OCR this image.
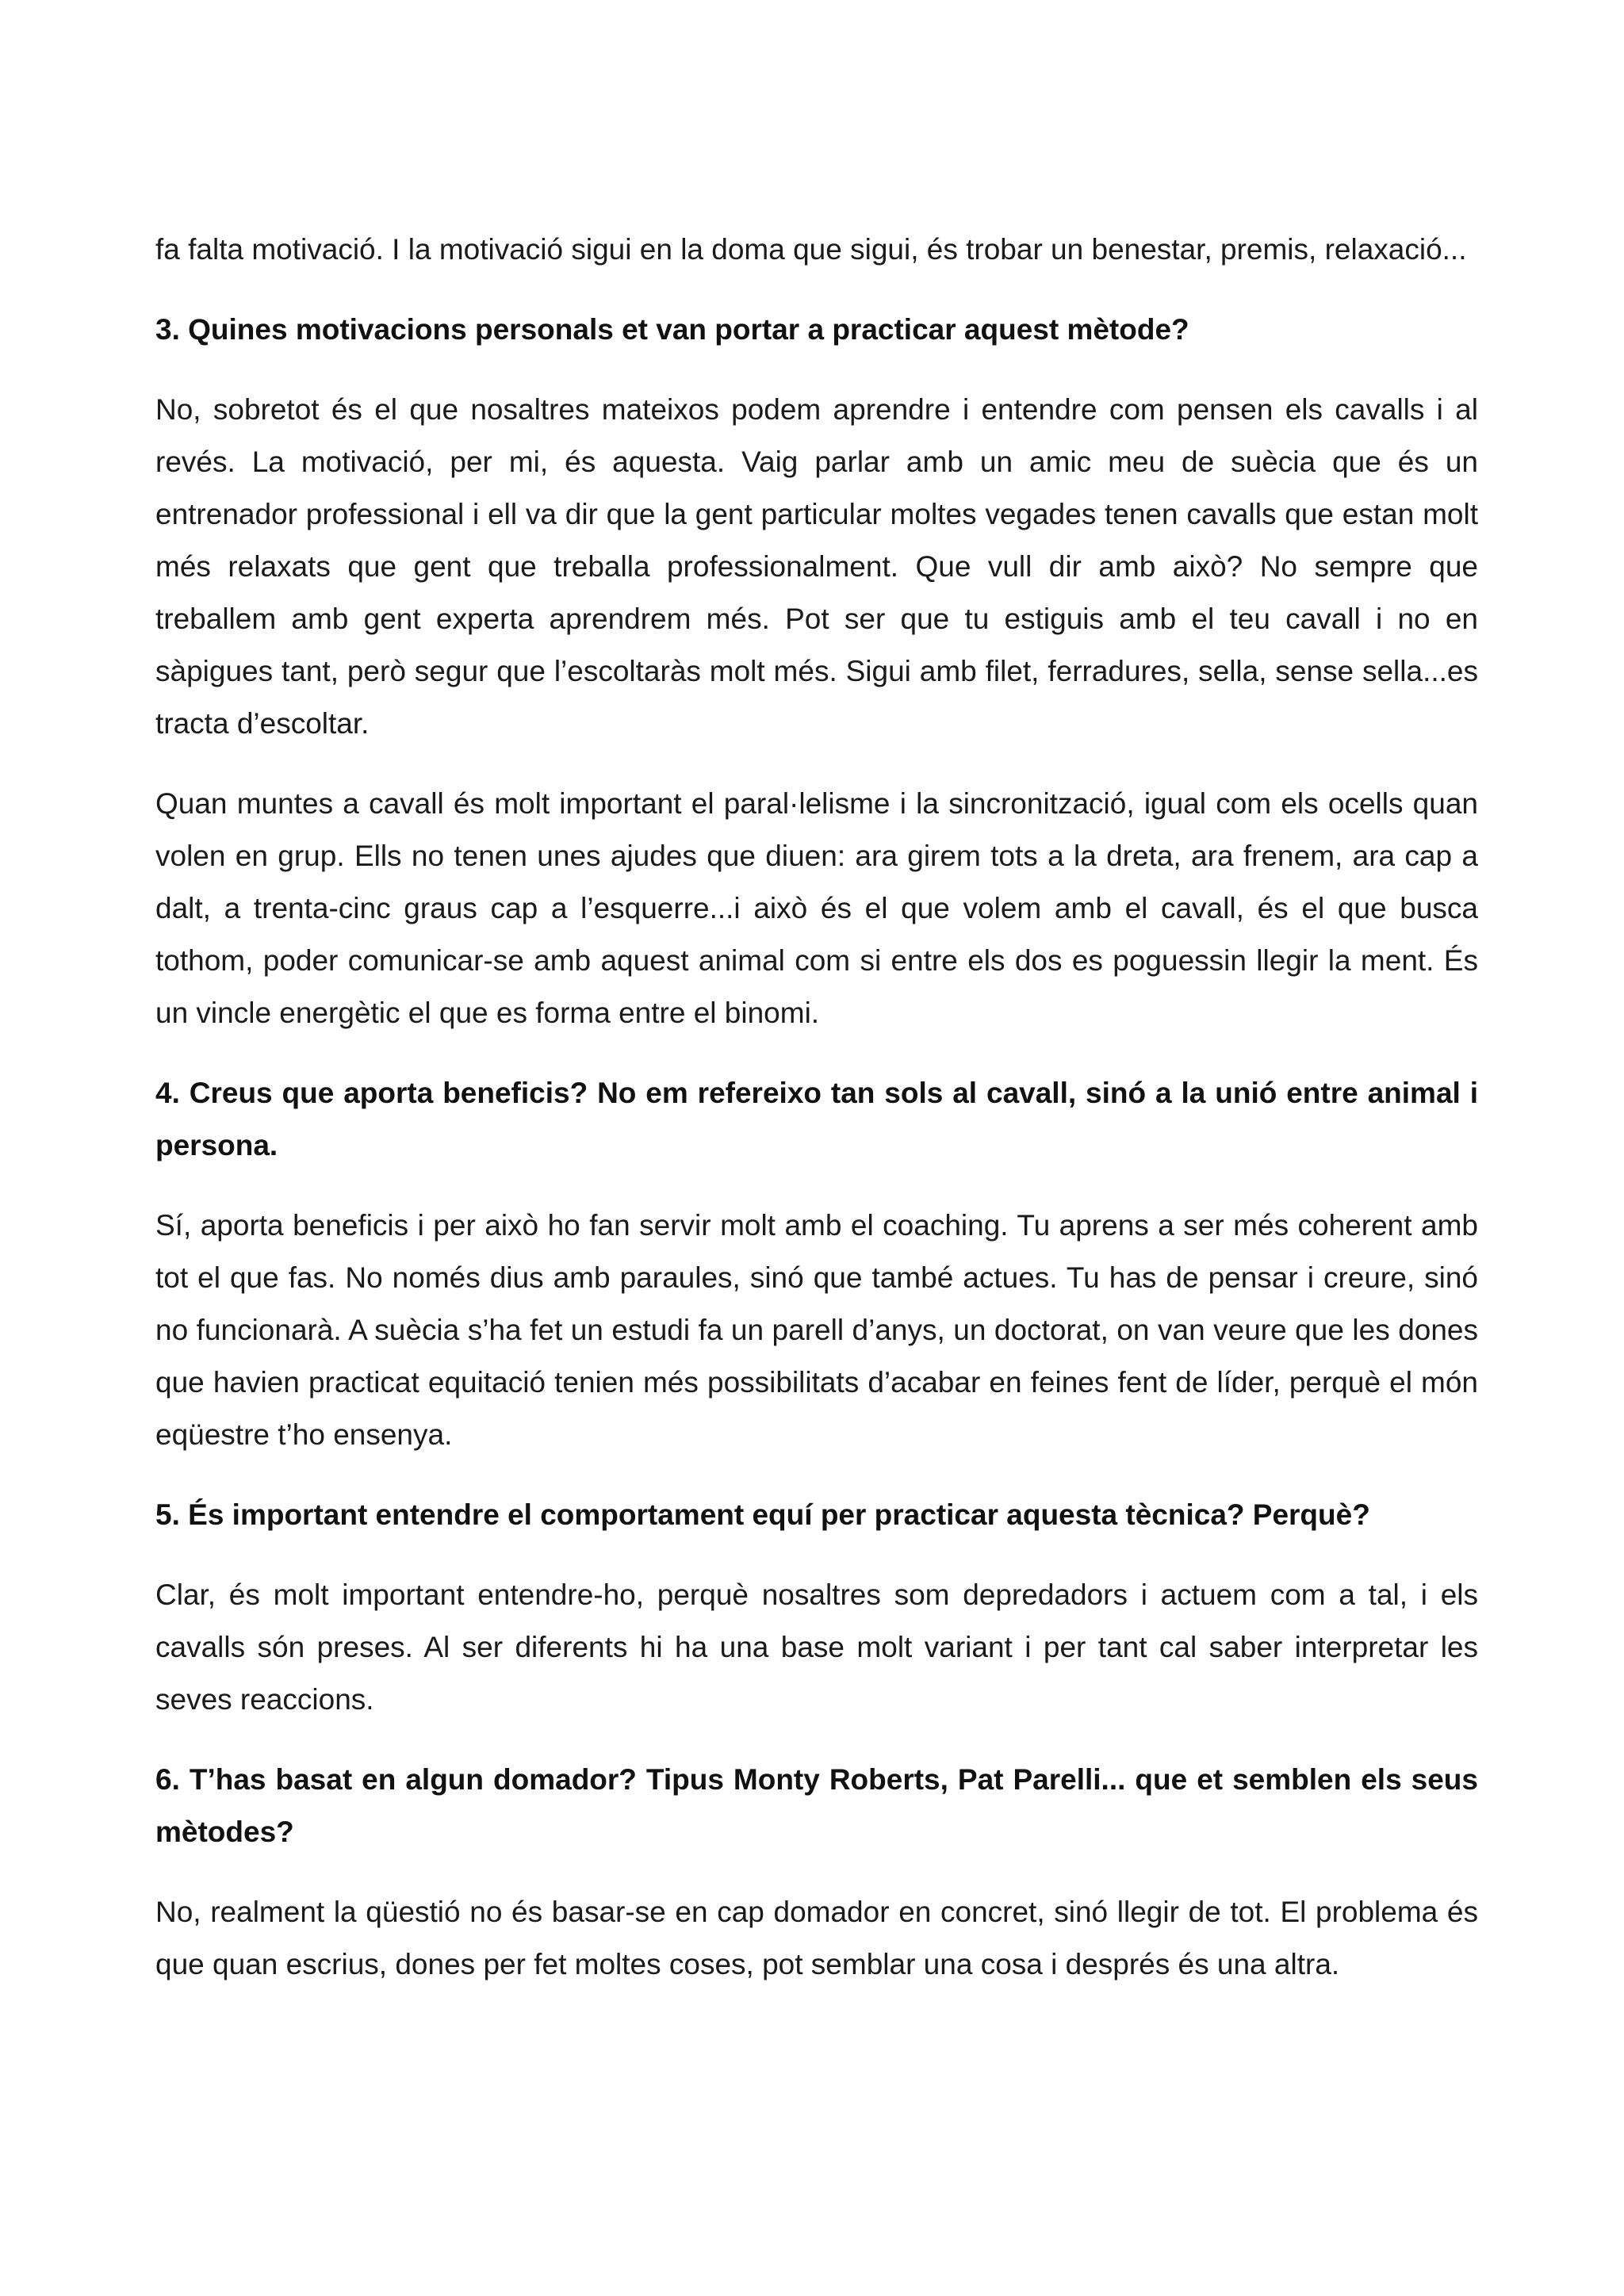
fa falta motivació. I la motivació sigui en la doma que sigui, és trobar un benestar, premis, relaxació...

3. Quines motivacions personals et van portar a practicar aquest mètode?

No, sobretot és el que nosaltres mateixos podem aprendre i entendre com pensen els cavalls i al revés. La motivació, per mi, és aquesta. Vaig parlar amb un amic meu de suècia que és un entrenador professional i ell va dir que la gent particular moltes vegades tenen cavalls que estan molt més relaxats que gent que treballa professionalment. Que vull dir amb això? No sempre que treballem amb gent experta aprendrem més. Pot ser que tu estiguis amb el teu cavall i no en sàpigues tant, però segur que l’escoltaràs molt més. Sigui amb filet, ferradures, sella, sense sella...es tracta d’escoltar.

Quan muntes a cavall és molt important el paral·lelisme i la sincronització, igual com els ocells quan volen en grup. Ells no tenen unes ajudes que diuen: ara girem tots a la dreta, ara frenem, ara cap a dalt, a trenta-cinc graus cap a l’esquerre...i això és el que volem amb el cavall, és el que busca tothom, poder comunicar-se amb aquest animal com si entre els dos es poguessin llegir la ment. És un vincle energètic el que es forma entre el binomi.

4. Creus que aporta beneficis? No em refereixo tan sols al cavall, sinó a la unió entre animal i persona.

Sí, aporta beneficis i per això ho fan servir molt amb el coaching. Tu aprens a ser més coherent amb tot el que fas. No només dius amb paraules, sinó que també actues. Tu has de pensar i creure, sinó no funcionarà. A suècia s’ha fet un estudi fa un parell d’anys, un doctorat, on van veure que les dones que havien practicat equitació tenien més possibilitats d’acabar en feines fent de líder, perquè el món eqüestre t’ho ensenya.

5. És important entendre el comportament equí per practicar aquesta tècnica? Perquè?

Clar, és molt important entendre-ho, perquè nosaltres som depredadors i actuem com a tal, i els cavalls són preses. Al ser diferents hi ha una base molt variant i per tant cal saber interpretar les seves reaccions.

6. T’has basat en algun domador? Tipus Monty Roberts, Pat Parelli... que et semblen els seus mètodes?

No, realment la qüestió no és basar-se en cap domador en concret, sinó llegir de tot. El problema és que quan escrius, dones per fet moltes coses, pot semblar una cosa i després és una altra.
